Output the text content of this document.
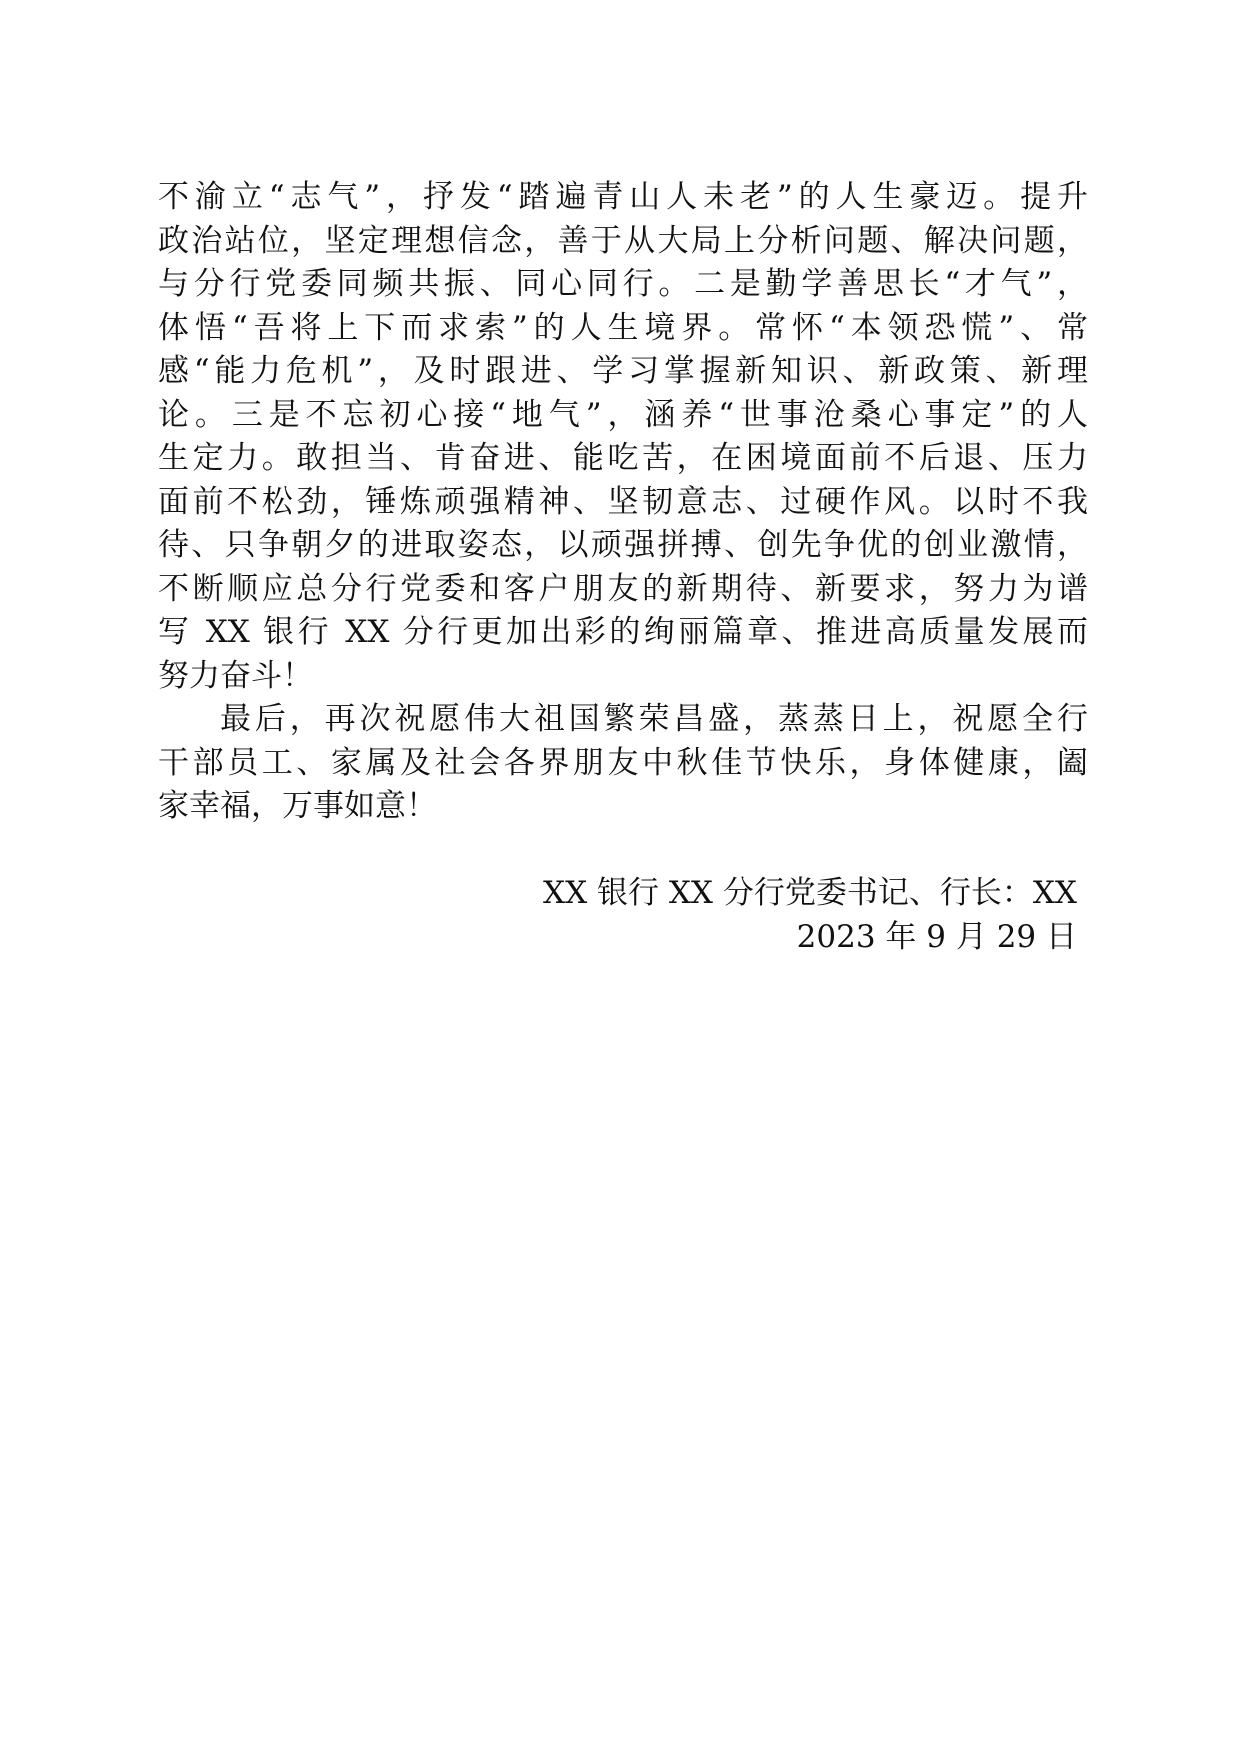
不渝立“志气”，抒发“踏遍青山人未老”的人生豪迈。提升
政治站位，坚定理想信念，善于从大局上分析问题、解决问题，
与分行党委同频共振、同心同行。二是勤学善思长“才气”，
体悟“吾将上下而求索”的人生境界。常怀“本领恐慌”、常
感“能力危机”，及时跟进、学习掌握新知识、新政策、新理
论。三是不忘初心接“地气”，涵养“世事沧桑心事定”的人
生定力。敢担当、肯奋进、能吃苦，在困境面前不后退、压力
面前不松劲，锤炼顽强精神、坚韧意志、过硬作风。以时不我
待、只争朝夕的进取姿态，以顽强拼搏、创先争优的创业激情，
不断顺应总分行党委和客户朋友的新期待、新要求，努力为谱
写 XX 银行 XX 分行更加出彩的绚丽篇章、推进高质量发展而
努力奋斗！
最后，再次祝愿伟大祖国繁荣昌盛，蒸蒸日上，祝愿全行
干部员工、家属及社会各界朋友中秋佳节快乐，身体健康，阖
家幸福，万事如意！
XX 银行 XX 分行党委书记、行长：XX
2023 年 9 月 29 日
